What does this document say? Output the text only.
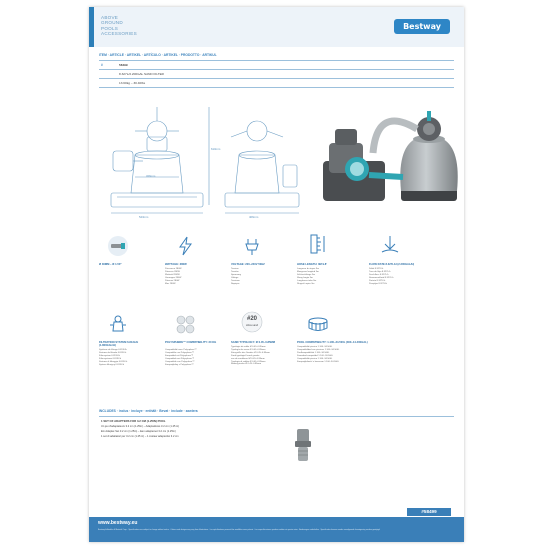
ABOVE
GROUND
POOLS
ACCESSORIES
Bestway
ITEM · ARTICLE · ARTIKEL · ARTÍCULO · ARTIKEL · PRODOTTO · ARTIKUL
#	58499
8.327L/2.200GAL SAND FILTER
13.60kg – 30.40lbs
610mm
326mm
543mm	406mm
Ø 30MM – Ø 1.50"	WATTAGE: 380W
Puissance 280W
Potencia 280W
Wattzahl 280W
Vermogen 280W
Potenza 280W
Moc 280W
VOLTAGE: 220–240V 50HZ
Tension
Tensión
Spannung
Voltage
Tensione
Napięcie
HOSE LENGTH: 3M 9.8'
Longueur du tuyau 3m
Manguera longitud 3m
Schlauchlänge 3m
Slang lengte 3m
Lunghezza tubo 3m
Długość węża 3m
FLOW RATE 8.327L/H (2.200GAL/H)
Débit 8.327L/h
Tasa de flujo 8.327L/h
Durchfluss 8.327L/h
Stroomsnelheid 8.327L/h
Portata 8.327L/h
Przepływ 8.327L/h
#20
silica sand
FILTRATION SYSTEM 6.813L/H (1.800GAL/H)
Système de filtrage 6.813L/h
Sistema de filtrado 6.813L/h
Filtersystem 6.813L/h
Filtersysteem 6.813L/h
Sistema di filtraggio 6.813L/h
System filtrujący 6.813L/h
POLYSPHERE™ COMPATIBILITY: 20 KG
Compatibilité avec Polysphere™
Compatible con Polysphere™
Kompatibel mit Polysphere™
Compatibel met Polysphere™
Compatibile con Polysphere™
Kompatybilny z Polysphere™
SAND TYPOLOGY: Ø 0.45–0.85MM
Typologie de sable Ø 0.45–0.85mm
Tipología de arena Ø 0.45–0.85mm
Körngröße des Sandes Ø 0.45–0.85mm
Zand typologie/ korrel grootte
van de zandkorrel Ø 0.45–0.85mm
Tipologia di sabbia Ø 0.45–0.85mm
Rodzaj piasku Ø 0.45–0.85mm
POOL COMPATIBILITY: 1.100–34.500L (300–14.400GAL)
Compatibilité piscine 1.100–34.500L
Compatibilidad con piscinas 1.100–34.500L
Poolkompatibilität 1.100–34.500L
Zwembad compatibel 1.100–34.500L
Compatibilità piscina 1.100–34.500L
Kompatybilność z basenem 1.100–34.500L
INCLUDES · inclus · incluye · enthält · Bevat · include · zawiera
1 SET OF ADAPTERS FOR 3.2 CM (1.25IN) POOL
Un jeu d'adaptateurs 3.2 cm (1.25in) – Adaptadores 3.2 cm (1.25 in)
Ein Adapter-Set 3.2 cm (1.25in) – Een adapterset 3.2 cm (1.25in)
1 set di adattatori per 3.2 cm (1.25 in) – 1 zestaw adapterów 3.2 cm
#58499
www.bestway.eu
Bestway Inflatables & Material Corp. · Specifications are subject to change without notice · Colours and designs may vary from illustrations · Les spécifications peuvent être modifiées sans préavis · Las especificaciones pueden cambiar sin previo aviso · Änderungen vorbehalten · Specificaties kunnen zonder voorafgaande kennisgeving worden gewijzigd
